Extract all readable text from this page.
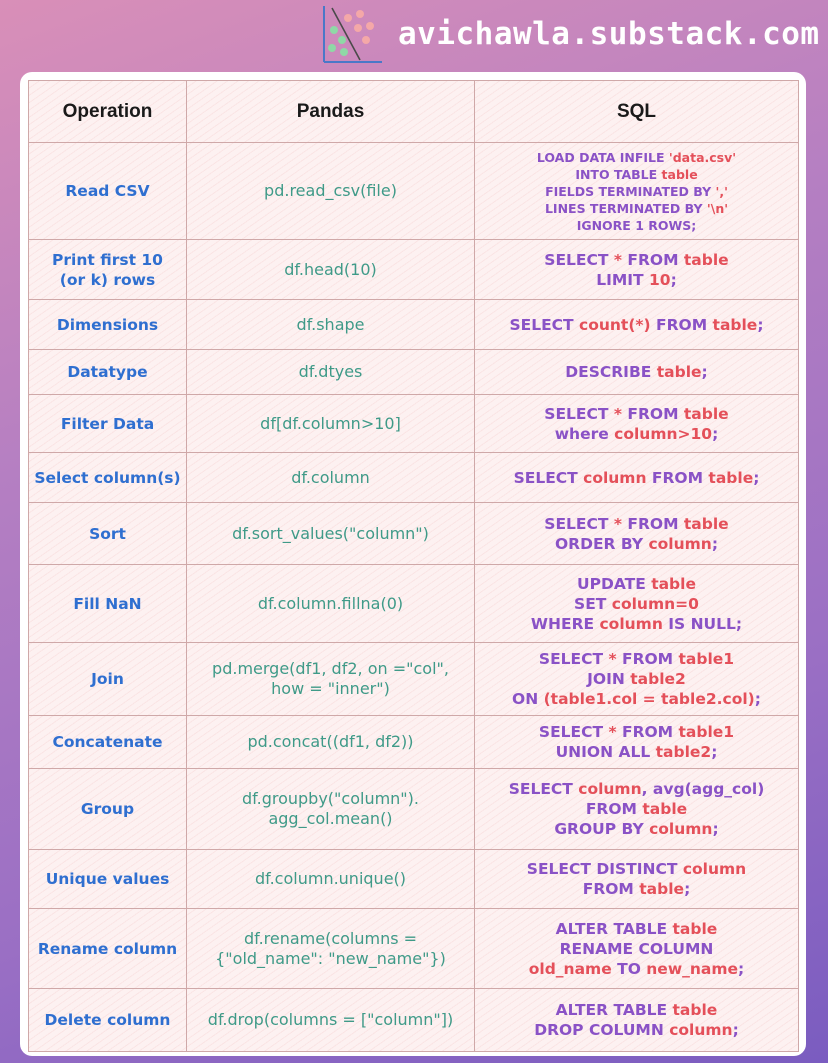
avichawla.substack.com
Operation	Pandas	SQL

Read CSV	pd.read_csv(file)	LOAD DATA INFILE 'data.csv'
INTO TABLE table
FIELDS TERMINATED BY ','
LINES TERMINATED BY '\n'
IGNORE 1 ROWS;

Print first 10
(or k) rows	df.head(10)	SELECT * FROM table
LIMIT 10;

Dimensions	df.shape	SELECT count(*) FROM table;

Datatype	df.dtyes	DESCRIBE table;

Filter Data	df[df.column>10]	SELECT * FROM table
where column>10;

Select column(s)	df.column	SELECT column FROM table;

Sort	df.sort_values("column")	SELECT * FROM table
ORDER BY column;

Fill NaN	df.column.fillna(0)	UPDATE table
SET column=0
WHERE column IS NULL;

Join	pd.merge(df1, df2, on ="col",
how = "inner")	SELECT * FROM table1
JOIN table2
ON (table1.col = table2.col);

Concatenate	pd.concat((df1, df2))	SELECT * FROM table1
UNION ALL table2;

Group	df.groupby("column").
agg_col.mean()	SELECT column, avg(agg_col)
FROM table
GROUP BY column;

Unique values	df.column.unique()	SELECT DISTINCT column
FROM table;

Rename column	df.rename(columns =
{"old_name": "new_name"})	ALTER TABLE table
RENAME COLUMN
old_name TO new_name;

Delete column	df.drop(columns = ["column"])	ALTER TABLE table
DROP COLUMN column;
